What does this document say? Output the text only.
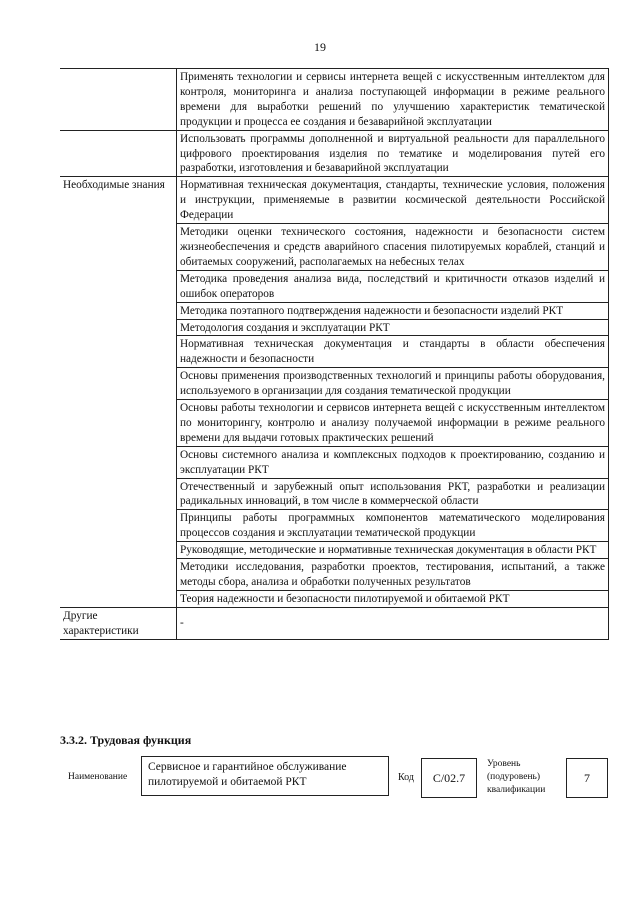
19
	Применять технологии и сервисы интернета вещей с искусственным интеллектом для контроля, мониторинга и анализа поступающей информации в режиме реального времени для выработки решений по улучшению характеристик тематической продукции и процесса ее создания и безаварийной эксплуатации
	Использовать программы дополненной и виртуальной реальности для параллельного цифрового проектирования изделия по тематике и моделирования путей его разработки, изготовления и безаварийной эксплуатации
Необходимые знания	Нормативная техническая документация, стандарты, технические условия, положения и инструкции, применяемые в развитии космической деятельности Российской Федерации
	Методики оценки технического состояния, надежности и безопасности систем жизнеобеспечения и средств аварийного спасения пилотируемых кораблей, станций и обитаемых сооружений, располагаемых на небесных телах
	Методика проведения анализа вида, последствий и критичности отказов изделий и ошибок операторов
	Методика поэтапного подтверждения надежности и безопасности изделий РКТ
	Методология создания и эксплуатации РКТ
	Нормативная техническая документация и стандарты в области обеспечения надежности и безопасности
	Основы применения производственных технологий и принципы работы оборудования, используемого в организации для создания тематической продукции
	Основы работы технологии и сервисов интернета вещей с искусственным интеллектом по мониторингу, контролю и анализу получаемой информации в режиме реального времени для выдачи готовых практических решений
	Основы системного анализа и комплексных подходов к проектированию, созданию и эксплуатации РКТ
	Отечественный и зарубежный опыт использования РКТ, разработки и реализации радикальных инноваций, в том числе в коммерческой области
	Принципы работы программных компонентов математического моделирования процессов создания и эксплуатации тематической продукции
	Руководящие, методические и нормативные техническая документация в области РКТ
	Методики исследования, разработки проектов, тестирования, испытаний, а также методы сбора, анализа и обработки полученных результатов
	Теория надежности и безопасности пилотируемой и обитаемой РКТ
Другие характеристики	-
3.3.2. Трудовая функция
Наименование
Сервисное и гарантийное обслуживание пилотируемой и обитаемой РКТ	Код	С/02.7
Уровень (подуровень) квалификации
7
